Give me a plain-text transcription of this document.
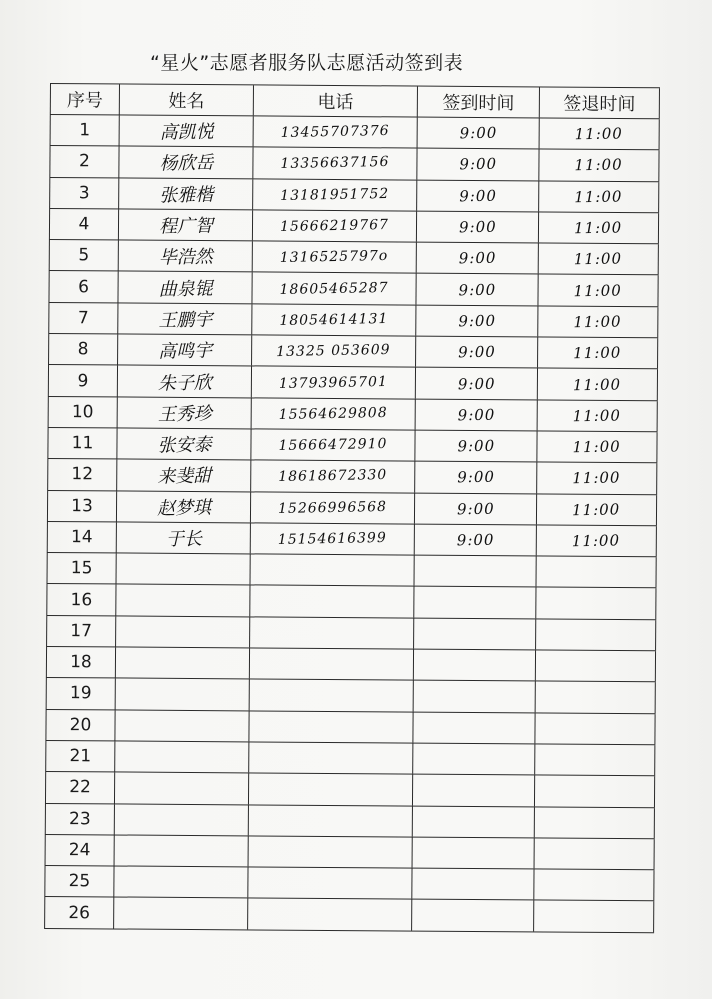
“星火”志愿者服务队志愿活动签到表
序号	姓名	电话	签到时间	签退时间
1	高凯悦	13455707376	9:00	11:00
2	杨欣岳	13356637156	9:00	11:00
3	张雅楷	13181951752	9:00	11:00
4	程广智	15666219767	9:00	11:00
5	毕浩然	1316525797o	9:00	11:00
6	曲泉锟	18605465287	9:00	11:00
7	王鹏宇	18054614131	9:00	11:00
8	高鸣宇	13325 053609	9:00	11:00
9	朱子欣	13793965701	9:00	11:00
10	王秀珍	15564629808	9:00	11:00
11	张安泰	15666472910	9:00	11:00
12	来斐甜	18618672330	9:00	11:00
13	赵梦琪	15266996568	9:00	11:00
14	于长	15154616399	9:00	11:00
15
16
17
18
19
20
21
22
23
24
25
26
